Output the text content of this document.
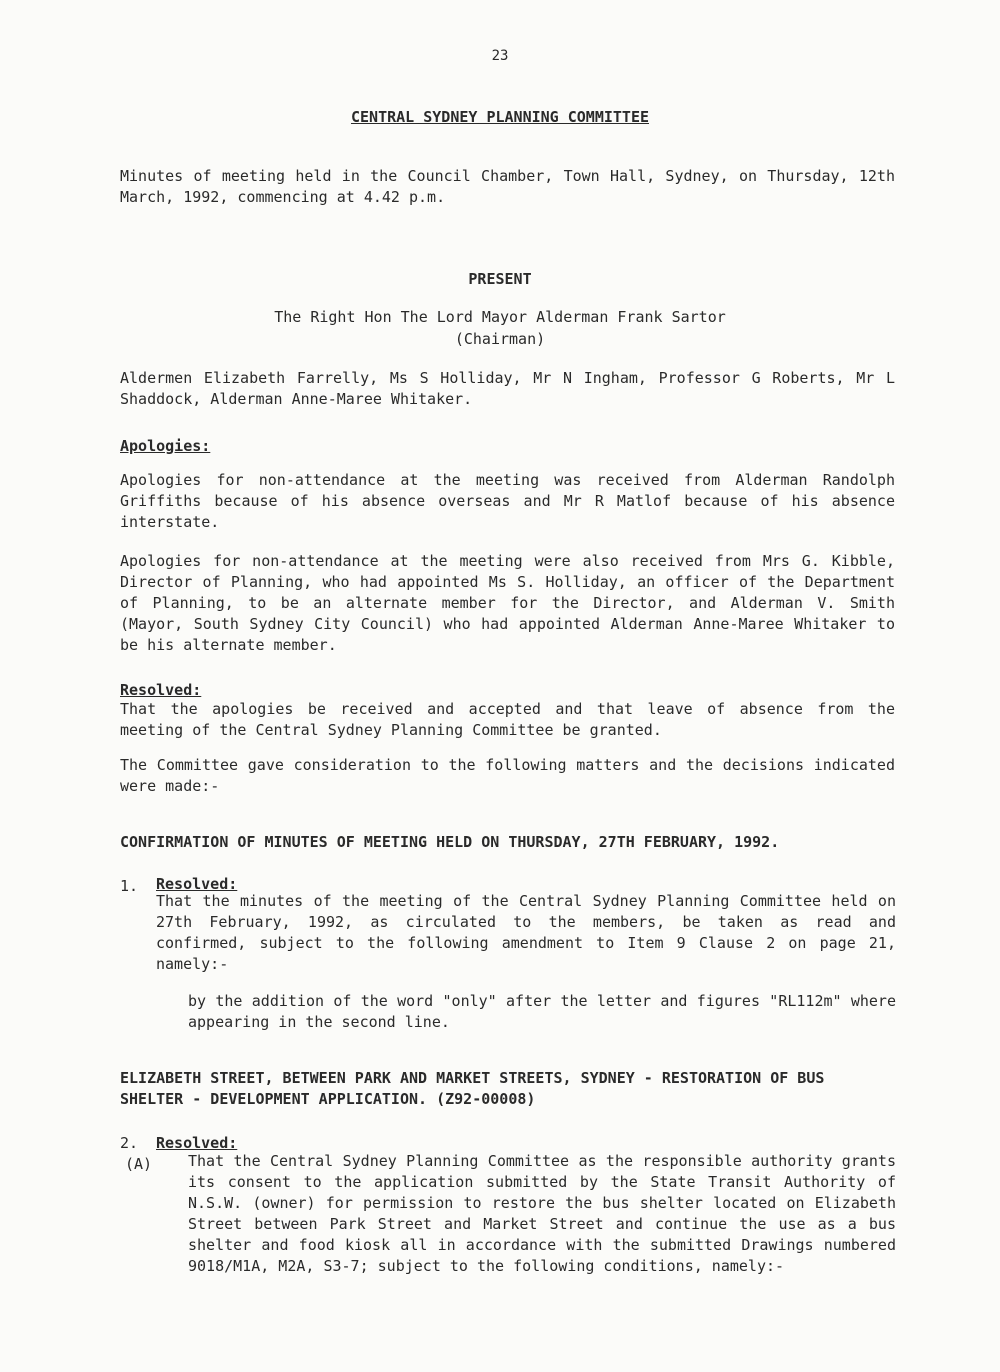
23
CENTRAL SYDNEY PLANNING COMMITTEE

Minutes of meeting held in the Council Chamber, Town Hall, Sydney, on Thursday, 12th March, 1992, commencing at 4.42 p.m.

PRESENT
The Right Hon The Lord Mayor Alderman Frank Sartor
(Chairman)

Aldermen Elizabeth Farrelly, Ms S Holliday, Mr N Ingham, Professor G Roberts, Mr L Shaddock, Alderman Anne-Maree Whitaker.

Apologies:

Apologies for non-attendance at the meeting was received from Alderman Randolph Griffiths because of his absence overseas and Mr R Matlof because of his absence interstate.

Apologies for non-attendance at the meeting were also received from Mrs G. Kibble, Director of Planning, who had appointed Ms S. Holliday, an officer of the Department of Planning, to be an alternate member for the Director, and Alderman V. Smith (Mayor, South Sydney City Council) who had appointed Alderman Anne-Maree Whitaker to be his alternate member.

Resolved:

That the apologies be received and accepted and that leave of absence from the meeting of the Central Sydney Planning Committee be granted.

The Committee gave consideration to the following matters and the decisions indicated were made:-

CONFIRMATION OF MINUTES OF MEETING HELD ON THURSDAY, 27TH FEBRUARY, 1992.

1. Resolved:

That the minutes of the meeting of the Central Sydney Planning Committee held on 27th February, 1992, as circulated to the members, be taken as read and confirmed, subject to the following amendment to Item 9 Clause 2 on page 21, namely:-

by the addition of the word "only" after the letter and figures "RL112m" where appearing in the second line.

ELIZABETH STREET, BETWEEN PARK AND MARKET STREETS, SYDNEY - RESTORATION OF BUS SHELTER - DEVELOPMENT APPLICATION. (Z92-00008)

2. Resolved:
(A) That the Central Sydney Planning Committee as the responsible authority grants its consent to the application submitted by the State Transit Authority of N.S.W. (owner) for permission to restore the bus shelter located on Elizabeth Street between Park Street and Market Street and continue the use as a bus shelter and food kiosk all in accordance with the submitted Drawings numbered 9018/M1A, M2A, S3-7; subject to the following conditions, namely:-
